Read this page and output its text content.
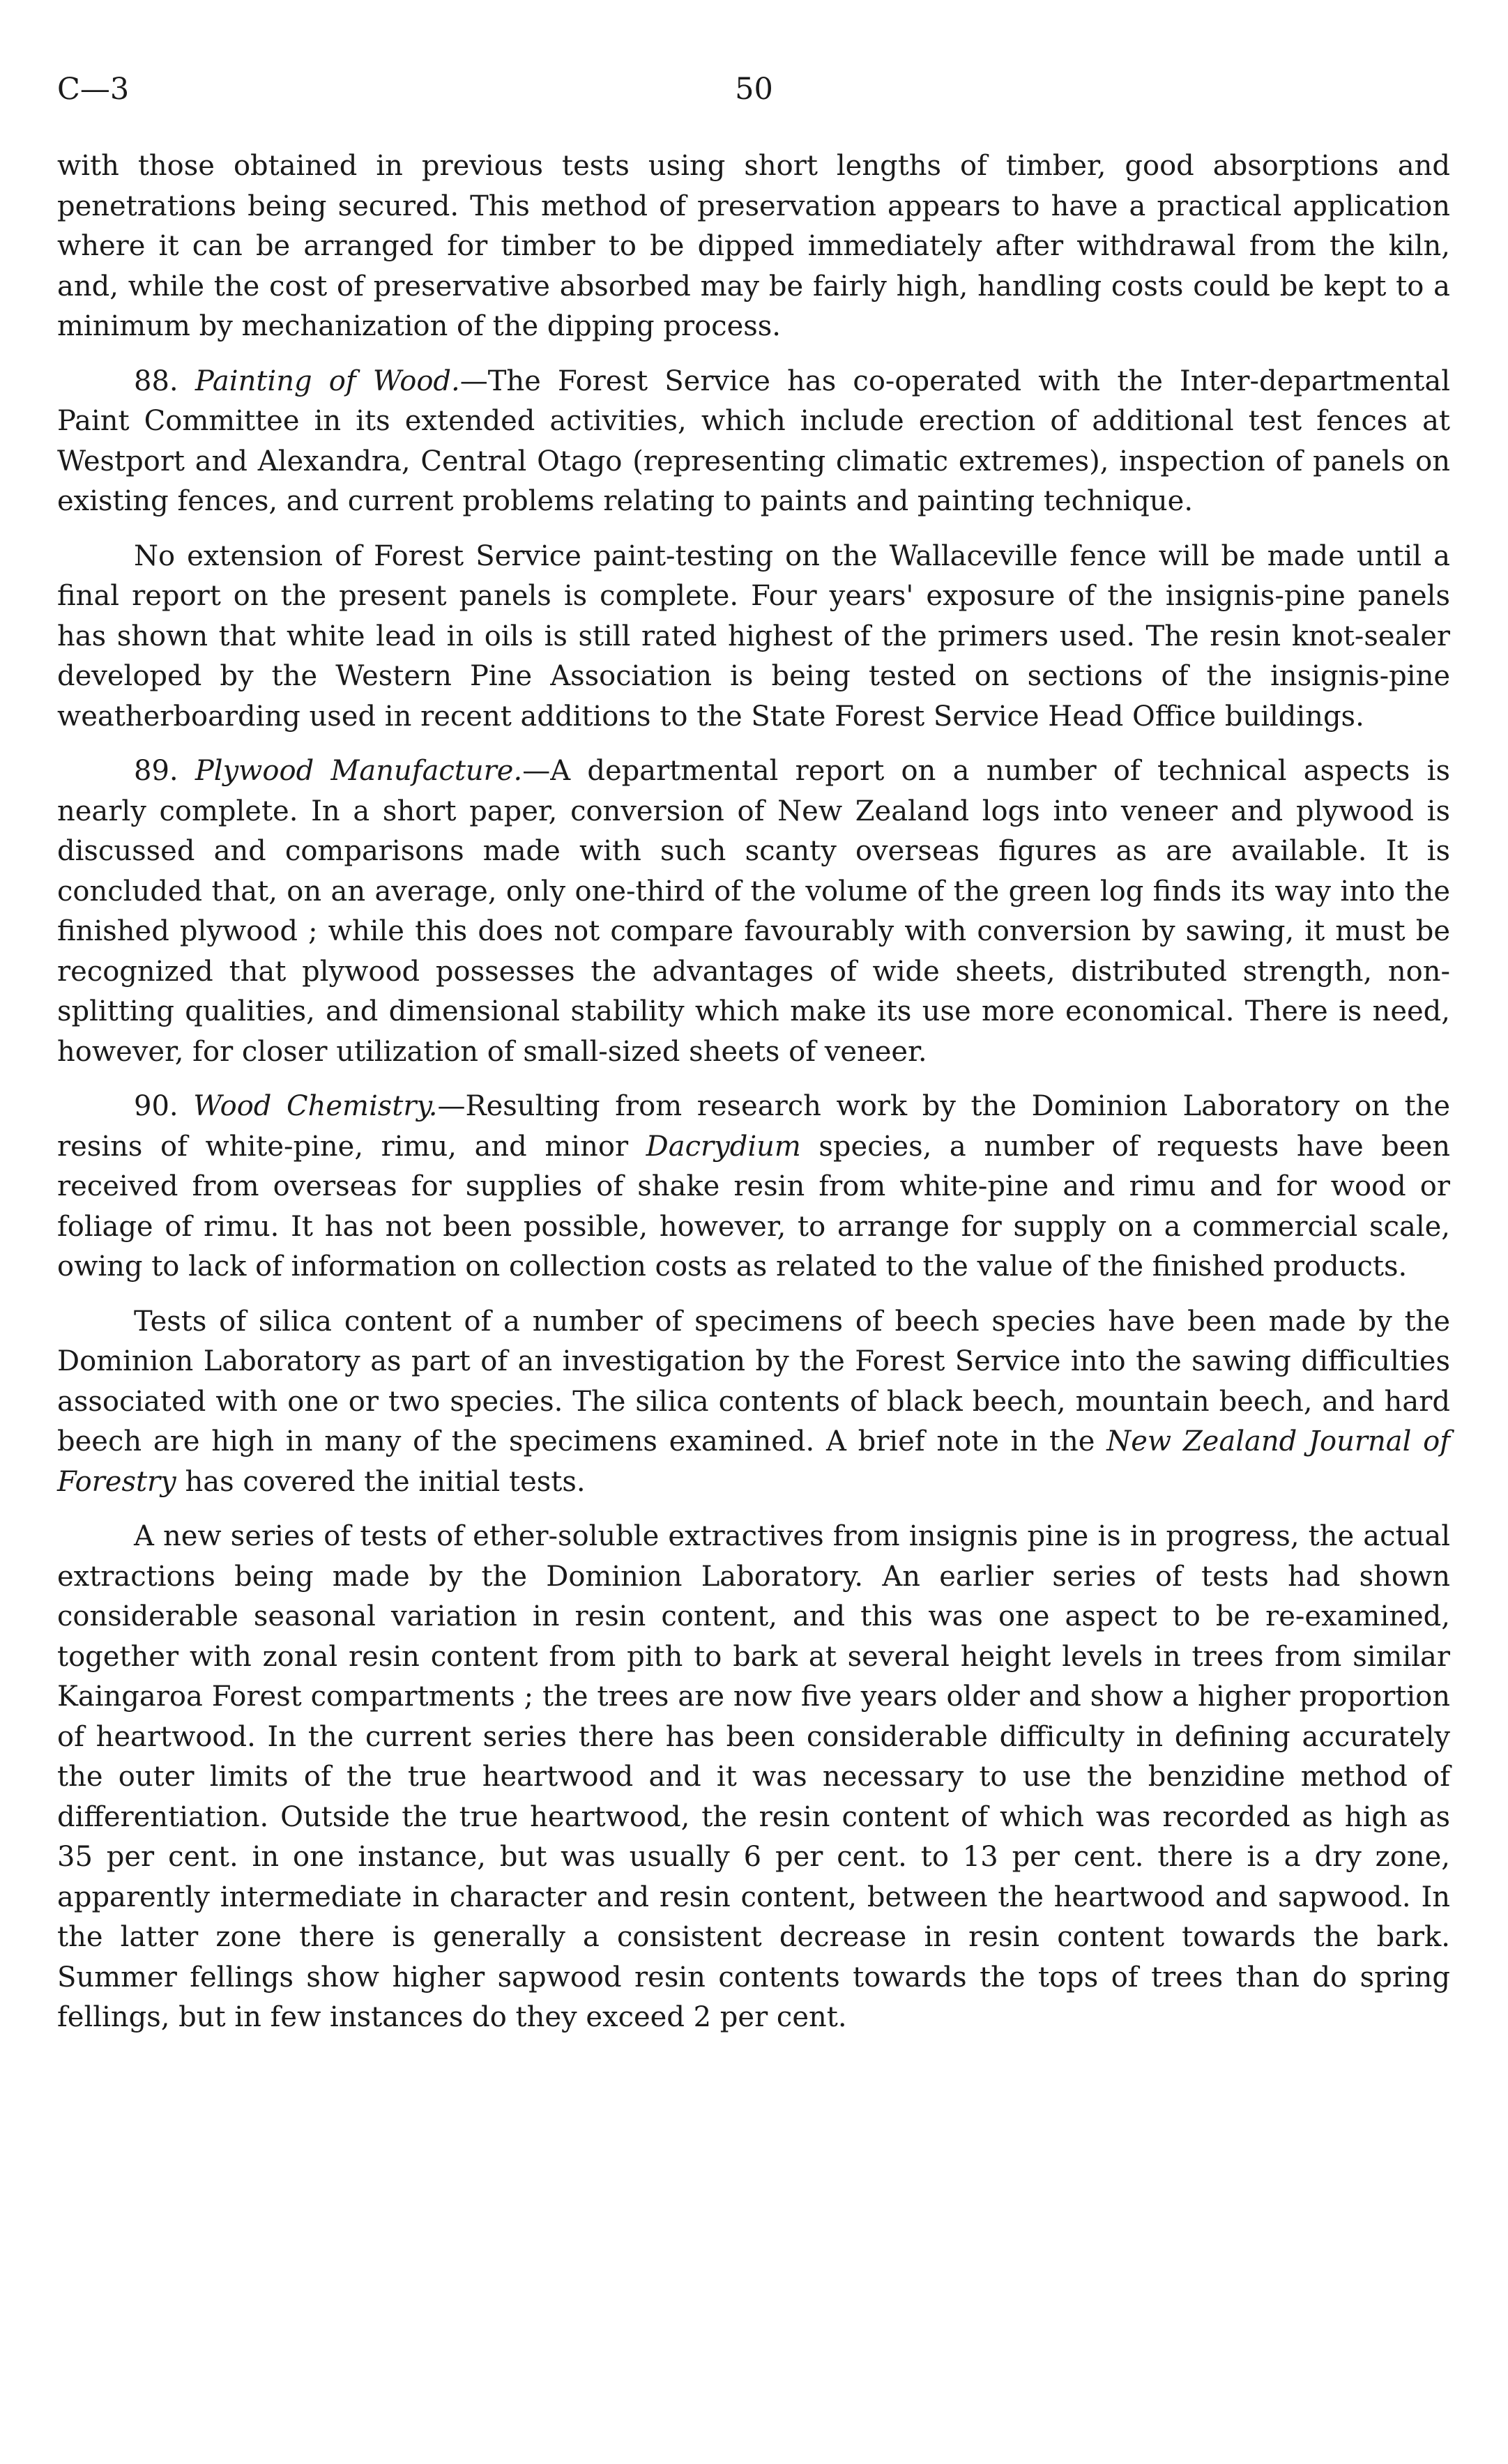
C—3	50

with those obtained in previous tests using short lengths of timber, good absorptions and penetrations being secured. This method of preservation appears to have a practical application where it can be arranged for timber to be dipped immediately after withdrawal from the kiln, and, while the cost of preservative absorbed may be fairly high, handling costs could be kept to a minimum by mechanization of the dipping process.

88. Painting of Wood.—The Forest Service has co-operated with the Inter-departmental Paint Committee in its extended activities, which include erection of additional test fences at Westport and Alexandra, Central Otago (representing climatic extremes), inspection of panels on existing fences, and current problems relating to paints and painting technique.

No extension of Forest Service paint-testing on the Wallaceville fence will be made until a final report on the present panels is complete. Four years' exposure of the insignis-pine panels has shown that white lead in oils is still rated highest of the primers used. The resin knot-sealer developed by the Western Pine Association is being tested on sections of the insignis-pine weatherboarding used in recent additions to the State Forest Service Head Office buildings.

89. Plywood Manufacture.—A departmental report on a number of technical aspects is nearly complete. In a short paper, conversion of New Zealand logs into veneer and plywood is discussed and comparisons made with such scanty overseas figures as are available. It is concluded that, on an average, only one-third of the volume of the green log finds its way into the finished plywood ; while this does not compare favourably with conversion by sawing, it must be recognized that plywood possesses the advantages of wide sheets, distributed strength, non-splitting qualities, and dimensional stability which make its use more economical. There is need, however, for closer utilization of small-sized sheets of veneer.

90. Wood Chemistry.—Resulting from research work by the Dominion Laboratory on the resins of white-pine, rimu, and minor Dacrydium species, a number of requests have been received from overseas for supplies of shake resin from white-pine and rimu and for wood or foliage of rimu. It has not been possible, however, to arrange for supply on a commercial scale, owing to lack of information on collection costs as related to the value of the finished products.

Tests of silica content of a number of specimens of beech species have been made by the Dominion Laboratory as part of an investigation by the Forest Service into the sawing difficulties associated with one or two species. The silica contents of black beech, mountain beech, and hard beech are high in many of the specimens examined. A brief note in the New Zealand Journal of Forestry has covered the initial tests.

A new series of tests of ether-soluble extractives from insignis pine is in progress, the actual extractions being made by the Dominion Laboratory. An earlier series of tests had shown considerable seasonal variation in resin content, and this was one aspect to be re-examined, together with zonal resin content from pith to bark at several height levels in trees from similar Kaingaroa Forest compartments ; the trees are now five years older and show a higher proportion of heartwood. In the current series there has been considerable difficulty in defining accurately the outer limits of the true heartwood and it was necessary to use the benzidine method of differentiation. Outside the true heartwood, the resin content of which was recorded as high as 35 per cent. in one instance, but was usually 6 per cent. to 13 per cent. there is a dry zone, apparently intermediate in character and resin content, between the heartwood and sapwood. In the latter zone there is generally a consistent decrease in resin content towards the bark. Summer fellings show higher sapwood resin contents towards the tops of trees than do spring fellings, but in few instances do they exceed 2 per cent.
